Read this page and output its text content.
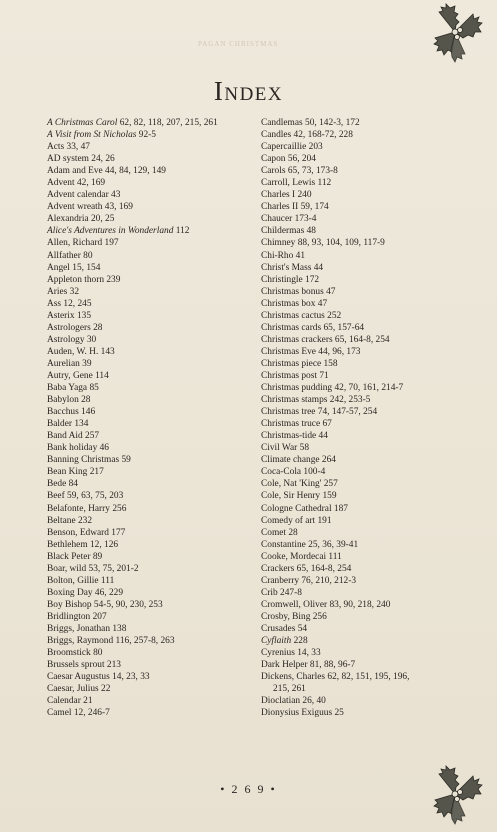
PAGAN CHRISTMAS
Index
A Christmas Carol 62, 82, 118, 207, 215, 261
A Visit from St Nicholas 92-5
Acts 33, 47
AD system 24, 26
Adam and Eve 44, 84, 129, 149
Advent 42, 169
Advent calendar 43
Advent wreath 43, 169
Alexandria 20, 25
Alice's Adventures in Wonderland 112
Allen, Richard 197
Allfather 80
Angel 15, 154
Appleton thorn 239
Aries 32
Ass 12, 245
Asterix 135
Astrologers 28
Astrology 30
Auden, W. H. 143
Aurelian 39
Autry, Gene 114
Baba Yaga 85
Babylon 28
Bacchus 146
Balder 134
Band Aid 257
Bank holiday 46
Banning Christmas 59
Bean King 217
Bede 84
Beef 59, 63, 75, 203
Belafonte, Harry 256
Beltane 232
Benson, Edward 177
Bethlehem 12, 126
Black Peter 89
Boar, wild 53, 75, 201-2
Bolton, Gillie 111
Boxing Day 46, 229
Boy Bishop 54-5, 90, 230, 253
Bridlington 207
Briggs, Jonathan 138
Briggs, Raymond 116, 257-8, 263
Broomstick 80
Brussels sprout 213
Caesar Augustus 14, 23, 33
Caesar, Julius 22
Calendar 21
Camel 12, 246-7
Candlemas 50, 142-3, 172
Candles 42, 168-72, 228
Capercaillie 203
Capon 56, 204
Carols 65, 73, 173-8
Carroll, Lewis 112
Charles I 240
Charles II 59, 174
Chaucer 173-4
Childermas 48
Chimney 88, 93, 104, 109, 117-9
Chi-Rho 41
Christ's Mass 44
Christingle 172
Christmas bonus 47
Christmas box 47
Christmas cactus 252
Christmas cards 65, 157-64
Christmas crackers 65, 164-8, 254
Christmas Eve 44, 96, 173
Christmas piece 158
Christmas post 71
Christmas pudding 42, 70, 161, 214-7
Christmas stamps 242, 253-5
Christmas tree 74, 147-57, 254
Christmas truce 67
Christmas-tide 44
Civil War 58
Climate change 264
Coca-Cola 100-4
Cole, Nat 'King' 257
Cole, Sir Henry 159
Cologne Cathedral 187
Comedy of art 191
Comet 28
Constantine 25, 36, 39-41
Cooke, Mordecai 111
Crackers 65, 164-8, 254
Cranberry 76, 210, 212-3
Crib 247-8
Cromwell, Oliver 83, 90, 218, 240
Crosby, Bing 256
Crusades 54
Cyflaith 228
Cyrenius 14, 33
Dark Helper 81, 88, 96-7
Dickens, Charles 62, 82, 151, 195, 196,
215, 261
Dioclatian 26, 40
Dionysius Exiguus 25
• 2 6 9 •
